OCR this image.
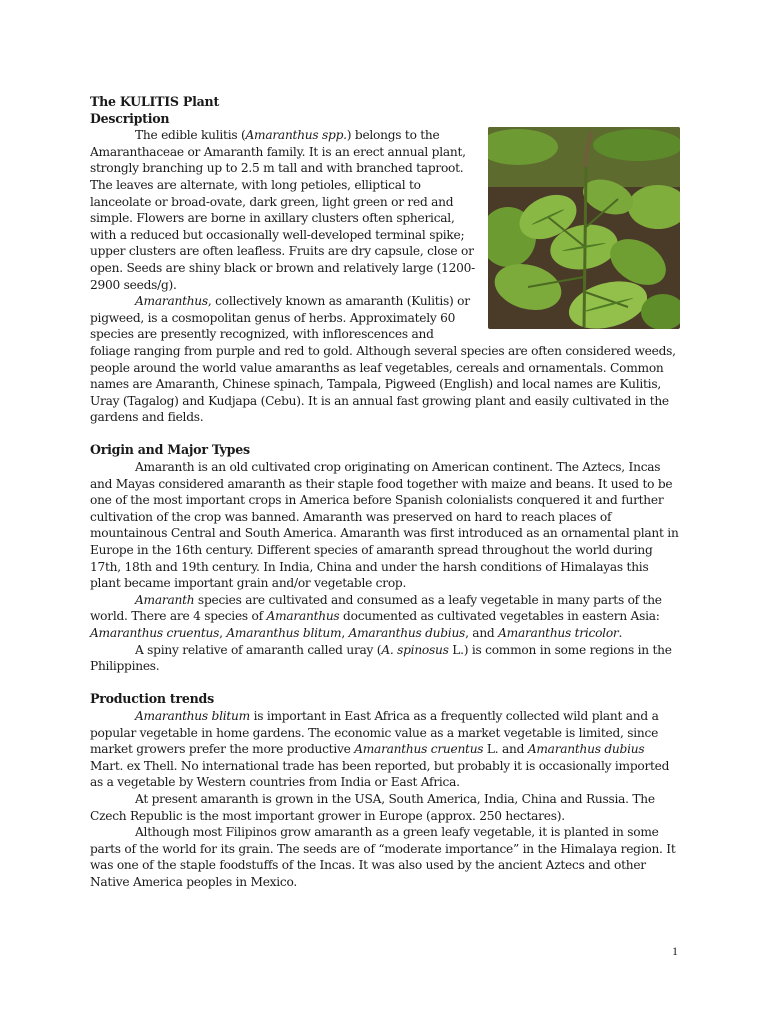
The KULITIS Plant
Description

The edible kulitis (Amaranthus spp.) belongs to the Amaranthaceae or Amaranth family. It is an erect annual plant, strongly branching up to 2.5 m tall and with branched taproot. The leaves are alternate, with long petioles, elliptical to lanceolate or broad-ovate, dark green, light green or red and simple. Flowers are borne in axillary clusters often spherical, with a reduced but occasionally well-developed terminal spike; upper clusters are often leafless. Fruits are dry capsule, close or open. Seeds are shiny black or brown and relatively large (1200-2900 seeds/g).

Amaranthus, collectively known as amaranth (Kulitis) or pigweed, is a cosmopolitan genus of herbs. Approximately 60 species are presently recognized, with inflorescences and foliage ranging from purple and red to gold. Although several species are often considered weeds, people around the world value amaranths as leaf vegetables, cereals and ornamentals. Common names are Amaranth, Chinese spinach, Tampala, Pigweed (English) and local names are Kulitis, Uray (Tagalog) and Kudjapa (Cebu). It is an annual fast growing plant and easily cultivated in the gardens and fields.

Origin and Major Types

Amaranth is an old cultivated crop originating on American continent. The Aztecs, Incas and Mayas considered amaranth as their staple food together with maize and beans. It used to be one of the most important crops in America before Spanish colonialists conquered it and further cultivation of the crop was banned. Amaranth was preserved on hard to reach places of mountainous Central and South America. Amaranth was first introduced as an ornamental plant in Europe in the 16th century. Different species of amaranth spread throughout the world during 17th, 18th and 19th century. In India, China and under the harsh conditions of Himalayas this plant became important grain and/or vegetable crop.

Amaranth species are cultivated and consumed as a leafy vegetable in many parts of the world. There are 4 species of Amaranthus documented as cultivated vegetables in eastern Asia: Amaranthus cruentus, Amaranthus blitum, Amaranthus dubius, and Amaranthus tricolor.

A spiny relative of amaranth called uray (A. spinosus L.) is common in some regions in the Philippines.

Production trends

Amaranthus blitum is important in East Africa as a frequently collected wild plant and a popular vegetable in home gardens. The economic value as a market vegetable is limited, since market growers prefer the more productive Amaranthus cruentus L. and Amaranthus dubius Mart. ex Thell. No international trade has been reported, but probably it is occasionally imported as a vegetable by Western countries from India or East Africa.

At present amaranth is grown in the USA, South America, India, China and Russia. The Czech Republic is the most important grower in Europe (approx. 250 hectares).

Although most Filipinos grow amaranth as a green leafy vegetable, it is planted in some parts of the world for its grain. The seeds are of “moderate importance” in the Himalaya region. It was one of the staple foodstuffs of the Incas. It was also used by the ancient Aztecs and other Native America peoples in Mexico.

1
